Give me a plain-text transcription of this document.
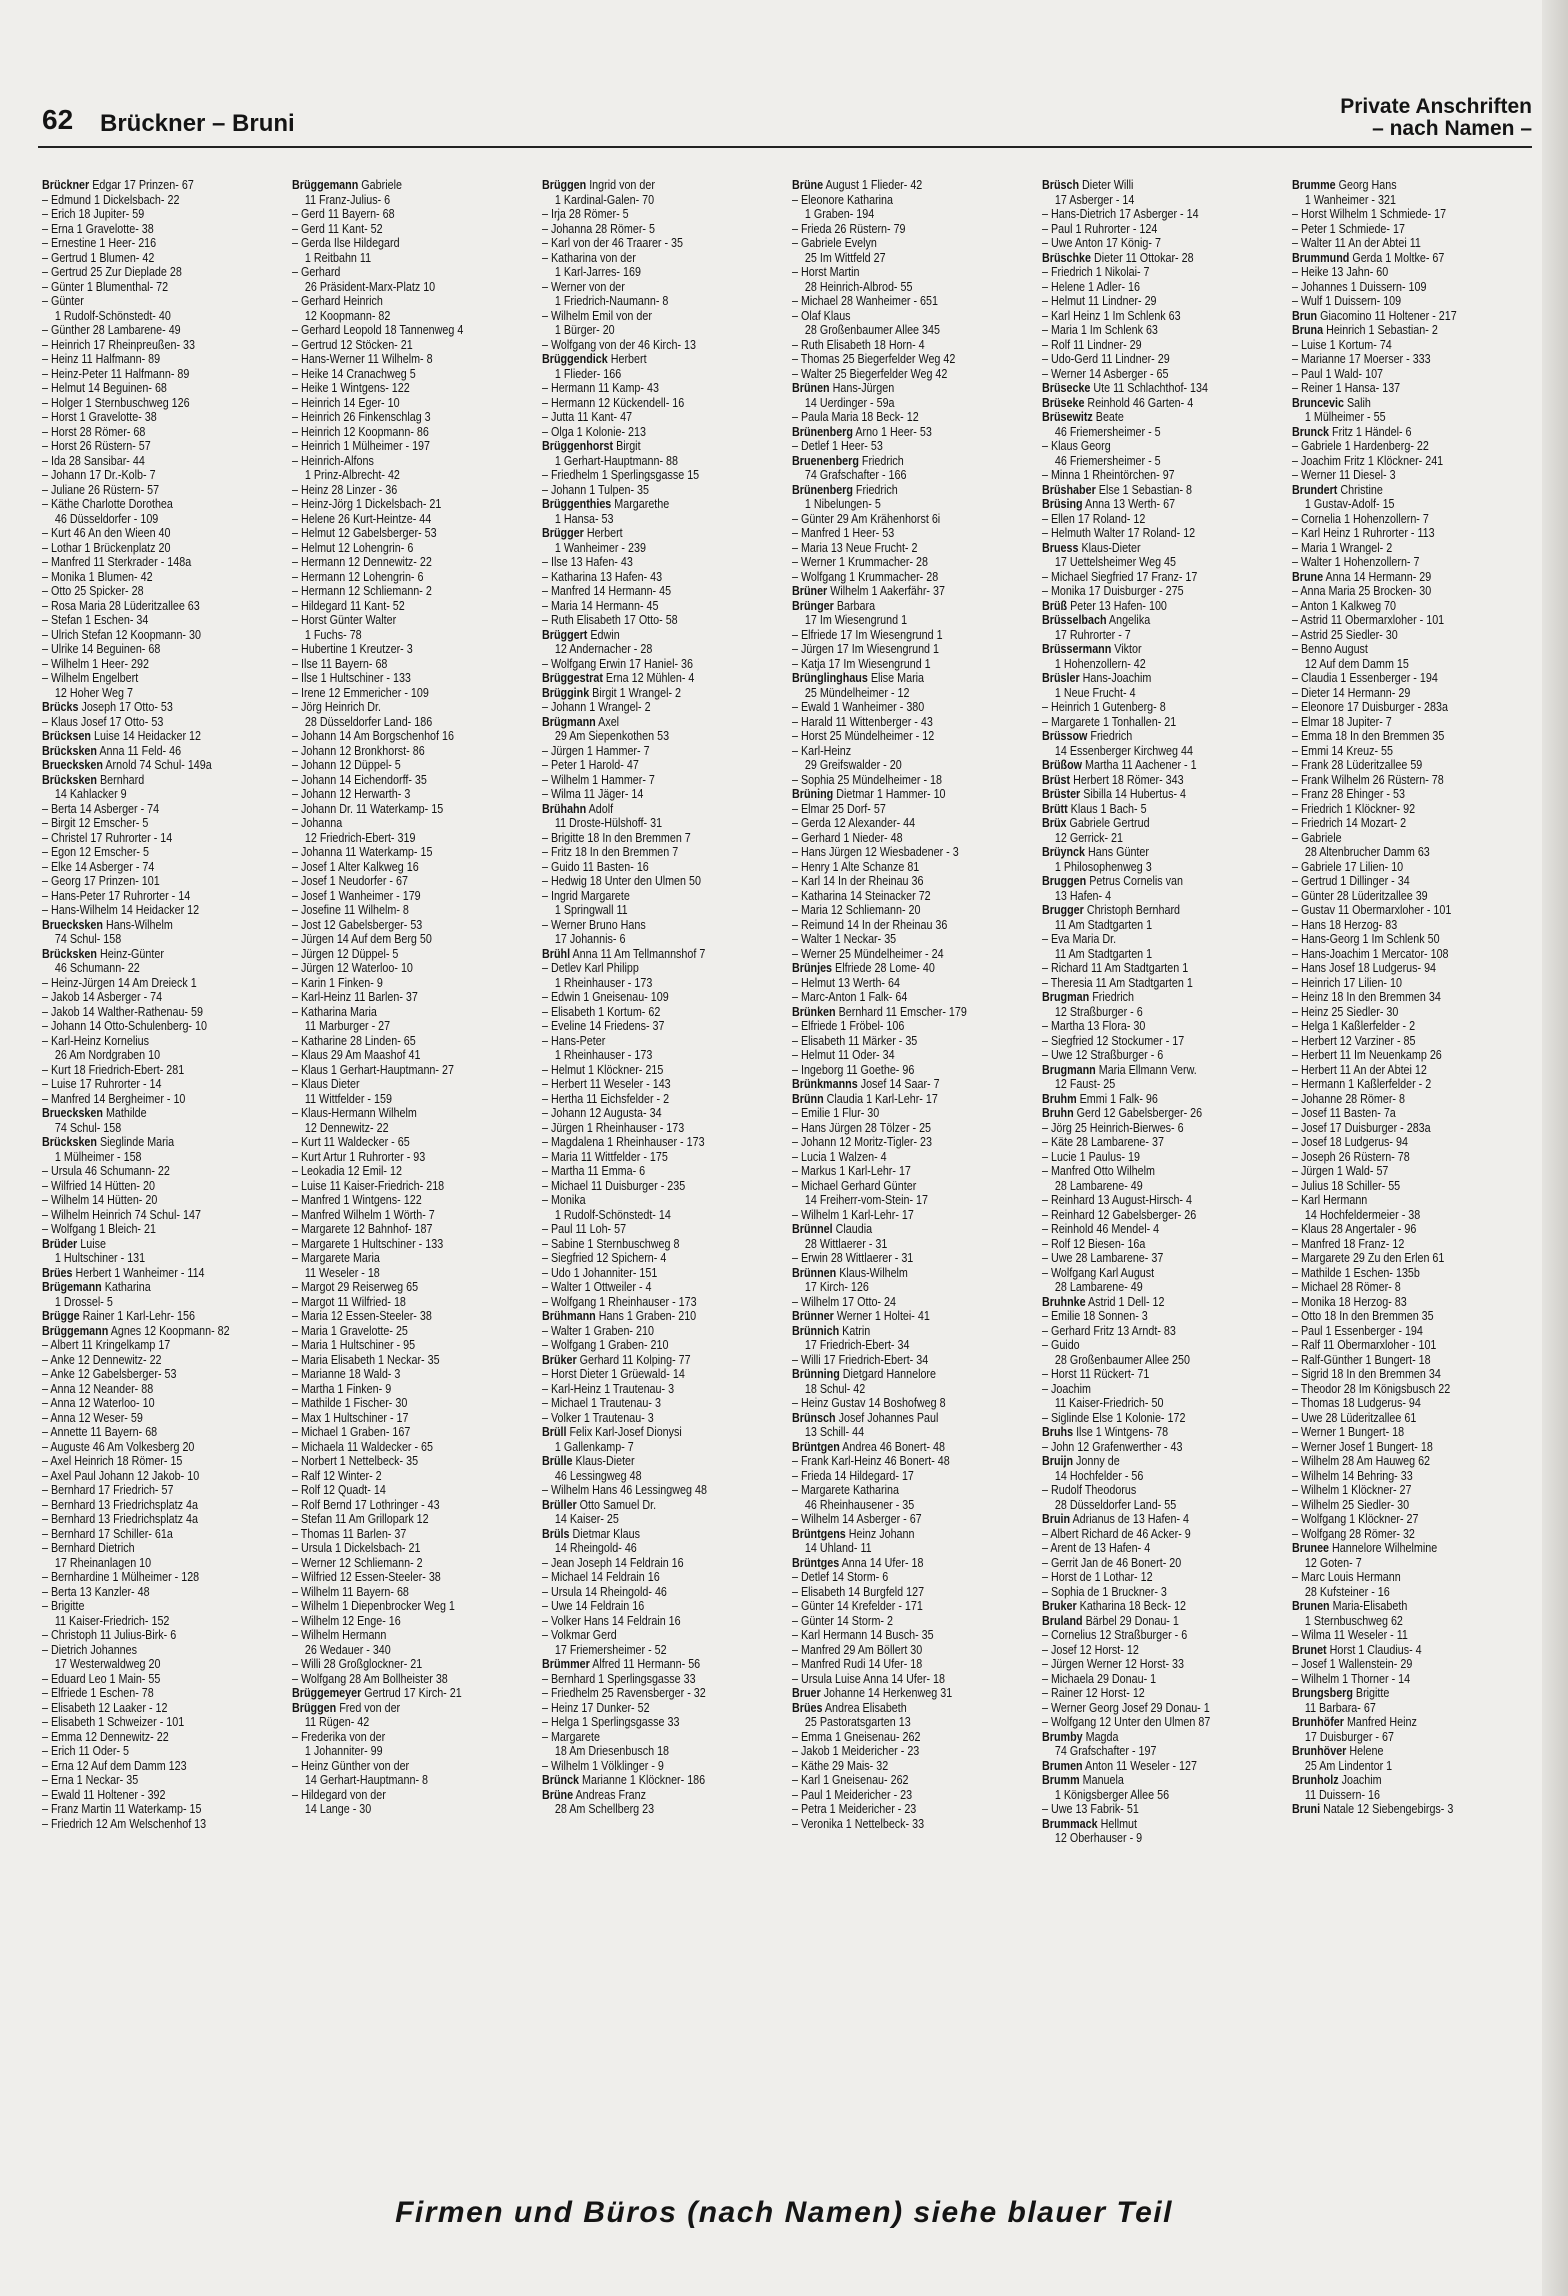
62 Brückner – Bruni
Private Anschriften
– nach Namen –
Brückner Edgar 17 Prinzen- 67
– Edmund 1 Dickelsbach- 22
– Erich 18 Jupiter- 59
– Erna 1 Gravelotte- 38
– Ernestine 1 Heer- 216
– Gertrud 1 Blumen- 42
– Gertrud 25 Zur Dieplade 28
– Günter 1 Blumenthal- 72
– Günter
1 Rudolf-Schönstedt- 40
– Günther 28 Lambarene- 49
– Heinrich 17 Rheinpreußen- 33
– Heinz 11 Halfmann- 89
– Heinz-Peter 11 Halfmann- 89
– Helmut 14 Beguinen- 68
– Holger 1 Sternbuschweg 126
– Horst 1 Gravelotte- 38
– Horst 28 Römer- 68
– Horst 26 Rüstern- 57
– Ida 28 Sansibar- 44
– Johann 17 Dr.-Kolb- 7
– Juliane 26 Rüstern- 57
– Käthe Charlotte Dorothea
46 Düsseldorfer - 109
– Kurt 46 An den Wieen 40
– Lothar 1 Brückenplatz 20
– Manfred 11 Sterkrader - 148a
– Monika 1 Blumen- 42
– Otto 25 Spicker- 28
– Rosa Maria 28 Lüderitzallee 63
– Stefan 1 Eschen- 34
– Ulrich Stefan 12 Koopmann- 30
– Ulrike 14 Beguinen- 68
– Wilhelm 1 Heer- 292
– Wilhelm Engelbert
12 Hoher Weg 7
Brücks Joseph 17 Otto- 53
– Klaus Josef 17 Otto- 53
Brücksen Luise 14 Heidacker 12
Brücksken Anna 11 Feld- 46
Bruecksken Arnold 74 Schul- 149a
Brücksken Bernhard
14 Kahlacker 9
– Berta 14 Asberger - 74
– Birgit 12 Emscher- 5
– Christel 17 Ruhrorter - 14
– Egon 12 Emscher- 5
– Elke 14 Asberger - 74
– Georg 17 Prinzen- 101
– Hans-Peter 17 Ruhrorter - 14
– Hans-Wilhelm 14 Heidacker 12
Bruecksken Hans-Wilhelm
74 Schul- 158
Brücksken Heinz-Günter
46 Schumann- 22
– Heinz-Jürgen 14 Am Dreieck 1
– Jakob 14 Asberger - 74
– Jakob 14 Walther-Rathenau- 59
– Johann 14 Otto-Schulenberg- 10
– Karl-Heinz Kornelius
26 Am Nordgraben 10
– Kurt 18 Friedrich-Ebert- 281
– Luise 17 Ruhrorter - 14
– Manfred 14 Bergheimer - 10
Bruecksken Mathilde
74 Schul- 158
Brücksken Sieglinde Maria
1 Mülheimer - 158
– Ursula 46 Schumann- 22
– Wilfried 14 Hütten- 20
– Wilhelm 14 Hütten- 20
– Wilhelm Heinrich 74 Schul- 147
– Wolfgang 1 Bleich- 21
Brüder Luise
1 Hultschiner - 131
Brües Herbert 1 Wanheimer - 114
Brügemann Katharina
1 Drossel- 5
Brügge Rainer 1 Karl-Lehr- 156
Brüggemann Agnes 12 Koopmann- 82
– Albert 11 Kringelkamp 17
– Anke 12 Dennewitz- 22
– Anke 12 Gabelsberger- 53
– Anna 12 Neander- 88
– Anna 12 Waterloo- 10
– Anna 12 Weser- 59
– Annette 11 Bayern- 68
– Auguste 46 Am Volkesberg 20
– Axel Heinrich 18 Römer- 15
– Axel Paul Johann 12 Jakob- 10
– Bernhard 17 Friedrich- 57
– Bernhard 13 Friedrichsplatz 4a
– Bernhard 13 Friedrichsplatz 4a
– Bernhard 17 Schiller- 61a
– Bernhard Dietrich
17 Rheinanlagen 10
– Bernhardine 1 Mülheimer - 128
– Berta 13 Kanzler- 48
– Brigitte
11 Kaiser-Friedrich- 152
– Christoph 11 Julius-Birk- 6
– Dietrich Johannes
17 Westerwaldweg 20
– Eduard Leo 1 Main- 55
– Elfriede 1 Eschen- 78
– Elisabeth 12 Laaker - 12
– Elisabeth 1 Schweizer - 101
– Emma 12 Dennewitz- 22
– Erich 11 Oder- 5
– Erna 12 Auf dem Damm 123
– Erna 1 Neckar- 35
– Ewald 11 Holtener - 392
– Franz Martin 11 Waterkamp- 15
– Friedrich 12 Am Welschenhof 13
Brüggemann Gabriele
11 Franz-Julius- 6
– Gerd 11 Bayern- 68
– Gerd 11 Kant- 52
– Gerda Ilse Hildegard
1 Reitbahn 11
– Gerhard
26 Präsident-Marx-Platz 10
– Gerhard Heinrich
12 Koopmann- 82
– Gerhard Leopold 18 Tannenweg 4
– Gertrud 12 Stöcken- 21
– Hans-Werner 11 Wilhelm- 8
– Heike 14 Cranachweg 5
– Heike 1 Wintgens- 122
– Heinrich 14 Eger- 10
– Heinrich 26 Finkenschlag 3
– Heinrich 12 Koopmann- 86
– Heinrich 1 Mülheimer - 197
– Heinrich-Alfons
1 Prinz-Albrecht- 42
– Heinz 28 Linzer - 36
– Heinz-Jörg 1 Dickelsbach- 21
– Helene 26 Kurt-Heintze- 44
– Helmut 12 Gabelsberger- 53
– Helmut 12 Lohengrin- 6
– Hermann 12 Dennewitz- 22
– Hermann 12 Lohengrin- 6
– Hermann 12 Schliemann- 2
– Hildegard 11 Kant- 52
– Horst Günter Walter
1 Fuchs- 78
– Hubertine 1 Kreutzer- 3
– Ilse 11 Bayern- 68
– Ilse 1 Hultschiner - 133
– Irene 12 Emmericher - 109
– Jörg Heinrich Dr.
28 Düsseldorfer Land- 186
– Johann 14 Am Borgschenhof 16
– Johann 12 Bronkhorst- 86
– Johann 12 Düppel- 5
– Johann 14 Eichendorff- 35
– Johann 12 Herwarth- 3
– Johann Dr. 11 Waterkamp- 15
– Johanna
12 Friedrich-Ebert- 319
– Johanna 11 Waterkamp- 15
– Josef 1 Alter Kalkweg 16
– Josef 1 Neudorfer - 67
– Josef 1 Wanheimer - 179
– Josefine 11 Wilhelm- 8
– Jost 12 Gabelsberger- 53
– Jürgen 14 Auf dem Berg 50
– Jürgen 12 Düppel- 5
– Jürgen 12 Waterloo- 10
– Karin 1 Finken- 9
– Karl-Heinz 11 Barlen- 37
– Katharina Maria
11 Marburger - 27
– Katharine 28 Linden- 65
– Klaus 29 Am Maashof 41
– Klaus 1 Gerhart-Hauptmann- 27
– Klaus Dieter
11 Wittfelder - 159
– Klaus-Hermann Wilhelm
12 Dennewitz- 22
– Kurt 11 Waldecker - 65
– Kurt Artur 1 Ruhrorter - 93
– Leokadia 12 Emil- 12
– Luise 11 Kaiser-Friedrich- 218
– Manfred 1 Wintgens- 122
– Manfred Wilhelm 1 Wörth- 7
– Margarete 12 Bahnhof- 187
– Margarete 1 Hultschiner - 133
– Margarete Maria
11 Weseler - 18
– Margot 29 Reiserweg 65
– Margot 11 Wilfried- 18
– Maria 12 Essen-Steeler- 38
– Maria 1 Gravelotte- 25
– Maria 1 Hultschiner - 95
– Maria Elisabeth 1 Neckar- 35
– Marianne 18 Wald- 3
– Martha 1 Finken- 9
– Mathilde 1 Fischer- 30
– Max 1 Hultschiner - 17
– Michael 1 Graben- 167
– Michaela 11 Waldecker - 65
– Norbert 1 Nettelbeck- 35
– Ralf 12 Winter- 2
– Rolf 12 Quadt- 14
– Rolf Bernd 17 Lothringer - 43
– Stefan 11 Am Grillopark 12
– Thomas 11 Barlen- 37
– Ursula 1 Dickelsbach- 21
– Werner 12 Schliemann- 2
– Wilfried 12 Essen-Steeler- 38
– Wilhelm 11 Bayern- 68
– Wilhelm 1 Diepenbrocker Weg 1
– Wilhelm 12 Enge- 16
– Wilhelm Hermann
26 Wedauer - 340
– Willi 28 Großglockner- 21
– Wolfgang 28 Am Bollheister 38
Brüggemeyer Gertrud 17 Kirch- 21
Brüggen Fred von der
11 Rügen- 42
– Frederika von der
1 Johanniter- 99
– Heinz Günther von der
14 Gerhart-Hauptmann- 8
– Hildegard von der
14 Lange - 30
Brüggen Ingrid von der
1 Kardinal-Galen- 70
– Irja 28 Römer- 5
– Johanna 28 Römer- 5
– Karl von der 46 Traarer - 35
– Katharina von der
1 Karl-Jarres- 169
– Werner von der
1 Friedrich-Naumann- 8
– Wilhelm Emil von der
1 Bürger- 20
– Wolfgang von der 46 Kirch- 13
Brüggendick Herbert
1 Flieder- 166
– Hermann 11 Kamp- 43
– Hermann 12 Kückendell- 16
– Jutta 11 Kant- 47
– Olga 1 Kolonie- 213
Brüggenhorst Birgit
1 Gerhart-Hauptmann- 88
– Friedhelm 1 Sperlingsgasse 15
– Johann 1 Tulpen- 35
Brüggenthies Margarethe
1 Hansa- 53
Brügger Herbert
1 Wanheimer - 239
– Ilse 13 Hafen- 43
– Katharina 13 Hafen- 43
– Manfred 14 Hermann- 45
– Maria 14 Hermann- 45
– Ruth Elisabeth 17 Otto- 58
Brüggert Edwin
12 Andernacher - 28
– Wolfgang Erwin 17 Haniel- 36
Brüggestrat Erna 12 Mühlen- 4
Brüggink Birgit 1 Wrangel- 2
– Johann 1 Wrangel- 2
Brügmann Axel
29 Am Siepenkothen 53
– Jürgen 1 Hammer- 7
– Peter 1 Harold- 47
– Wilhelm 1 Hammer- 7
– Wilma 11 Jäger- 14
Brühahn Adolf
11 Droste-Hülshoff- 31
– Brigitte 18 In den Bremmen 7
– Fritz 18 In den Bremmen 7
– Guido 11 Basten- 16
– Hedwig 18 Unter den Ulmen 50
– Ingrid Margarete
1 Springwall 11
– Werner Bruno Hans
17 Johannis- 6
Brühl Anna 11 Am Tellmannshof 7
– Detlev Karl Philipp
1 Rheinhauser - 173
– Edwin 1 Gneisenau- 109
– Elisabeth 1 Kortum- 62
– Eveline 14 Friedens- 37
– Hans-Peter
1 Rheinhauser - 173
– Helmut 1 Klöckner- 215
– Herbert 11 Weseler - 143
– Hertha 11 Eichsfelder - 2
– Johann 12 Augusta- 34
– Jürgen 1 Rheinhauser - 173
– Magdalena 1 Rheinhauser - 173
– Maria 11 Wittfelder - 175
– Martha 11 Emma- 6
– Michael 11 Duisburger - 235
– Monika
1 Rudolf-Schönstedt- 14
– Paul 11 Loh- 57
– Sabine 1 Sternbuschweg 8
– Siegfried 12 Spichern- 4
– Udo 1 Johanniter- 151
– Walter 1 Ottweiler - 4
– Wolfgang 1 Rheinhauser - 173
Brühmann Hans 1 Graben- 210
– Walter 1 Graben- 210
– Wolfgang 1 Graben- 210
Brüker Gerhard 11 Kolping- 77
– Horst Dieter 1 Grüewald- 14
– Karl-Heinz 1 Trautenau- 3
– Michael 1 Trautenau- 3
– Volker 1 Trautenau- 3
Brüll Felix Karl-Josef Dionysi
1 Gallenkamp- 7
Brülle Klaus-Dieter
46 Lessingweg 48
– Wilhelm Hans 46 Lessingweg 48
Brüller Otto Samuel Dr.
14 Kaiser- 25
Brüls Dietmar Klaus
14 Rheingold- 46
– Jean Joseph 14 Feldrain 16
– Michael 14 Feldrain 16
– Ursula 14 Rheingold- 46
– Uwe 14 Feldrain 16
– Volker Hans 14 Feldrain 16
– Volkmar Gerd
17 Friemersheimer - 52
Brümmer Alfred 11 Hermann- 56
– Bernhard 1 Sperlingsgasse 33
– Friedhelm 25 Ravensberger - 32
– Heinz 17 Dunker- 52
– Helga 1 Sperlingsgasse 33
– Margarete
18 Am Driesenbusch 18
– Wilhelm 1 Völklinger - 9
Brünck Marianne 1 Klöckner- 186
Brüne Andreas Franz
28 Am Schellberg 23
Brüne August 1 Flieder- 42
– Eleonore Katharina
1 Graben- 194
– Frieda 26 Rüstern- 79
– Gabriele Evelyn
25 Im Wittfeld 27
– Horst Martin
28 Heinrich-Albrod- 55
– Michael 28 Wanheimer - 651
– Olaf Klaus
28 Großenbaumer Allee 345
– Ruth Elisabeth 18 Horn- 4
– Thomas 25 Biegerfelder Weg 42
– Walter 25 Biegerfelder Weg 42
Brünen Hans-Jürgen
14 Uerdinger - 59a
– Paula Maria 18 Beck- 12
Brünenberg Arno 1 Heer- 53
– Detlef 1 Heer- 53
Bruenenberg Friedrich
74 Grafschafter - 166
Brünenberg Friedrich
1 Nibelungen- 5
– Günter 29 Am Krähenhorst 6i
– Manfred 1 Heer- 53
– Maria 13 Neue Frucht- 2
– Werner 1 Krummacher- 28
– Wolfgang 1 Krummacher- 28
Brüner Wilhelm 1 Aakerfähr- 37
Brünger Barbara
17 Im Wiesengrund 1
– Elfriede 17 Im Wiesengrund 1
– Jürgen 17 Im Wiesengrund 1
– Katja 17 Im Wiesengrund 1
Brünglinghaus Elise Maria
25 Mündelheimer - 12
– Ewald 1 Wanheimer - 380
– Harald 11 Wittenberger - 43
– Horst 25 Mündelheimer - 12
– Karl-Heinz
29 Greifswalder - 20
– Sophia 25 Mündelheimer - 18
Brüning Dietmar 1 Hammer- 10
– Elmar 25 Dorf- 57
– Gerda 12 Alexander- 44
– Gerhard 1 Nieder- 48
– Hans Jürgen 12 Wiesbadener - 3
– Henry 1 Alte Schanze 81
– Karl 14 In der Rheinau 36
– Katharina 14 Steinacker 72
– Maria 12 Schliemann- 20
– Reimund 14 In der Rheinau 36
– Walter 1 Neckar- 35
– Werner 25 Mündelheimer - 24
Brünjes Elfriede 28 Lome- 40
– Helmut 13 Werth- 64
– Marc-Anton 1 Falk- 64
Brünken Bernhard 11 Emscher- 179
– Elfriede 1 Fröbel- 106
– Elisabeth 11 Märker - 35
– Helmut 11 Oder- 34
– Ingeborg 11 Goethe- 96
Brünkmanns Josef 14 Saar- 7
Brünn Claudia 1 Karl-Lehr- 17
– Emilie 1 Flur- 30
– Hans Jürgen 28 Tölzer - 25
– Johann 12 Moritz-Tigler- 23
– Lucia 1 Walzen- 4
– Markus 1 Karl-Lehr- 17
– Michael Gerhard Günter
14 Freiherr-vom-Stein- 17
– Wilhelm 1 Karl-Lehr- 17
Brünnel Claudia
28 Wittlaerer - 31
– Erwin 28 Wittlaerer - 31
Brünnen Klaus-Wilhelm
17 Kirch- 126
– Wilhelm 17 Otto- 24
Brünner Werner 1 Holtei- 41
Brünnich Katrin
17 Friedrich-Ebert- 34
– Willi 17 Friedrich-Ebert- 34
Brünning Dietgard Hannelore
18 Schul- 42
– Heinz Gustav 14 Boshofweg 8
Brünsch Josef Johannes Paul
13 Schill- 44
Brüntgen Andrea 46 Bonert- 48
– Frank Karl-Heinz 46 Bonert- 48
– Frieda 14 Hildegard- 17
– Margarete Katharina
46 Rheinhausener - 35
– Wilhelm 14 Asberger - 67
Brüntgens Heinz Johann
14 Uhland- 11
Brüntges Anna 14 Ufer- 18
– Detlef 14 Storm- 6
– Elisabeth 14 Burgfeld 127
– Günter 14 Krefelder - 171
– Günter 14 Storm- 2
– Karl Hermann 14 Busch- 35
– Manfred 29 Am Böllert 30
– Manfred Rudi 14 Ufer- 18
– Ursula Luise Anna 14 Ufer- 18
Bruer Johanne 14 Herkenweg 31
Brües Andrea Elisabeth
25 Pastoratsgarten 13
– Emma 1 Gneisenau- 262
– Jakob 1 Meidericher - 23
– Käthe 29 Mais- 32
– Karl 1 Gneisenau- 262
– Paul 1 Meidericher - 23
– Petra 1 Meidericher - 23
– Veronika 1 Nettelbeck- 33
Brüsch Dieter Willi
17 Asberger - 14
– Hans-Dietrich 17 Asberger - 14
– Paul 1 Ruhrorter - 124
– Uwe Anton 17 König- 7
Brüschke Dieter 11 Ottokar- 28
– Friedrich 1 Nikolai- 7
– Helene 1 Adler- 16
– Helmut 11 Lindner- 29
– Karl Heinz 1 Im Schlenk 63
– Maria 1 Im Schlenk 63
– Rolf 11 Lindner- 29
– Udo-Gerd 11 Lindner- 29
– Werner 14 Asberger - 65
Brüsecke Ute 11 Schlachthof- 134
Brüseke Reinhold 46 Garten- 4
Brüsewitz Beate
46 Friemersheimer - 5
– Klaus Georg
46 Friemersheimer - 5
– Minna 1 Rheintörchen- 97
Brüshaber Else 1 Sebastian- 8
Brüsing Anna 13 Werth- 67
– Ellen 17 Roland- 12
– Helmuth Walter 17 Roland- 12
Bruess Klaus-Dieter
17 Uettelsheimer Weg 45
– Michael Siegfried 17 Franz- 17
– Monika 17 Duisburger - 275
Brüß Peter 13 Hafen- 100
Brüsselbach Angelika
17 Ruhrorter - 7
Brüssermann Viktor
1 Hohenzollern- 42
Brüsler Hans-Joachim
1 Neue Frucht- 4
– Heinrich 1 Gutenberg- 8
– Margarete 1 Tonhallen- 21
Brüssow Friedrich
14 Essenberger Kirchweg 44
Brüßow Martha 11 Aachener - 1
Brüst Herbert 18 Römer- 343
Brüster Sibilla 14 Hubertus- 4
Brütt Klaus 1 Bach- 5
Brüx Gabriele Gertrud
12 Gerrick- 21
Brüynck Hans Günter
1 Philosophenweg 3
Bruggen Petrus Cornelis van
13 Hafen- 4
Brugger Christoph Bernhard
11 Am Stadtgarten 1
– Eva Maria Dr.
11 Am Stadtgarten 1
– Richard 11 Am Stadtgarten 1
– Theresia 11 Am Stadtgarten 1
Brugman Friedrich
12 Straßburger - 6
– Martha 13 Flora- 30
– Siegfried 12 Stockumer - 17
– Uwe 12 Straßburger - 6
Brugmann Maria Ellmann Verw.
12 Faust- 25
Bruhm Emmi 1 Falk- 96
Bruhn Gerd 12 Gabelsberger- 26
– Jörg 25 Heinrich-Bierwes- 6
– Käte 28 Lambarene- 37
– Lucie 1 Paulus- 19
– Manfred Otto Wilhelm
28 Lambarene- 49
– Reinhard 13 August-Hirsch- 4
– Reinhard 12 Gabelsberger- 26
– Reinhold 46 Mendel- 4
– Rolf 12 Biesen- 16a
– Uwe 28 Lambarene- 37
– Wolfgang Karl August
28 Lambarene- 49
Bruhnke Astrid 1 Dell- 12
– Emilie 18 Sonnen- 3
– Gerhard Fritz 13 Arndt- 83
– Guido
28 Großenbaumer Allee 250
– Horst 11 Rückert- 71
– Joachim
11 Kaiser-Friedrich- 50
– Siglinde Else 1 Kolonie- 172
Bruhs Ilse 1 Wintgens- 78
– John 12 Grafenwerther - 43
Bruijn Jonny de
14 Hochfelder - 56
– Rudolf Theodorus
28 Düsseldorfer Land- 55
Bruin Adrianus de 13 Hafen- 4
– Albert Richard de 46 Acker- 9
– Arent de 13 Hafen- 4
– Gerrit Jan de 46 Bonert- 20
– Horst de 1 Lothar- 12
– Sophia de 1 Bruckner- 3
Bruker Katharina 18 Beck- 12
Bruland Bärbel 29 Donau- 1
– Cornelius 12 Straßburger - 6
– Josef 12 Horst- 12
– Jürgen Werner 12 Horst- 33
– Michaela 29 Donau- 1
– Rainer 12 Horst- 12
– Werner Georg Josef 29 Donau- 1
– Wolfgang 12 Unter den Ulmen 87
Brumby Magda
74 Grafschafter - 197
Brumen Anton 11 Weseler - 127
Brumm Manuela
1 Königsberger Allee 56
– Uwe 13 Fabrik- 51
Brummack Hellmut
12 Oberhauser - 9
Brumme Georg Hans
1 Wanheimer - 321
– Horst Wilhelm 1 Schmiede- 17
– Peter 1 Schmiede- 17
– Walter 11 An der Abtei 11
Brummund Gerda 1 Moltke- 67
– Heike 13 Jahn- 60
– Johannes 1 Duissern- 109
– Wulf 1 Duissern- 109
Brun Giacomino 11 Holtener - 217
Bruna Heinrich 1 Sebastian- 2
– Luise 1 Kortum- 74
– Marianne 17 Moerser - 333
– Paul 1 Wald- 107
– Reiner 1 Hansa- 137
Bruncevic Salih
1 Mülheimer - 55
Brunck Fritz 1 Händel- 6
– Gabriele 1 Hardenberg- 22
– Joachim Fritz 1 Klöckner- 241
– Werner 11 Diesel- 3
Brundert Christine
1 Gustav-Adolf- 15
– Cornelia 1 Hohenzollern- 7
– Karl Heinz 1 Ruhrorter - 113
– Maria 1 Wrangel- 2
– Walter 1 Hohenzollern- 7
Brune Anna 14 Hermann- 29
– Anna Maria 25 Brocken- 30
– Anton 1 Kalkweg 70
– Astrid 11 Obermarxloher - 101
– Astrid 25 Siedler- 30
– Benno August
12 Auf dem Damm 15
– Claudia 1 Essenberger - 194
– Dieter 14 Hermann- 29
– Eleonore 17 Duisburger - 283a
– Elmar 18 Jupiter- 7
– Emma 18 In den Bremmen 35
– Emmi 14 Kreuz- 55
– Frank 28 Lüderitzallee 59
– Frank Wilhelm 26 Rüstern- 78
– Franz 28 Ehinger - 53
– Friedrich 1 Klöckner- 92
– Friedrich 14 Mozart- 2
– Gabriele
28 Altenbrucher Damm 63
– Gabriele 17 Lilien- 10
– Gertrud 1 Dillinger - 34
– Günter 28 Lüderitzallee 39
– Gustav 11 Obermarxloher - 101
– Hans 18 Herzog- 83
– Hans-Georg 1 Im Schlenk 50
– Hans-Joachim 1 Mercator- 108
– Hans Josef 18 Ludgerus- 94
– Heinrich 17 Lilien- 10
– Heinz 18 In den Bremmen 34
– Heinz 25 Siedler- 30
– Helga 1 Kaßlerfelder - 2
– Herbert 12 Varziner - 85
– Herbert 11 Im Neuenkamp 26
– Herbert 11 An der Abtei 12
– Hermann 1 Kaßlerfelder - 2
– Johanne 28 Römer- 8
– Josef 11 Basten- 7a
– Josef 17 Duisburger - 283a
– Josef 18 Ludgerus- 94
– Joseph 26 Rüstern- 78
– Jürgen 1 Wald- 57
– Julius 18 Schiller- 55
– Karl Hermann
14 Hochfeldermeier - 38
– Klaus 28 Angertaler - 96
– Manfred 18 Franz- 12
– Margarete 29 Zu den Erlen 61
– Mathilde 1 Eschen- 135b
– Michael 28 Römer- 8
– Monika 18 Herzog- 83
– Otto 18 In den Bremmen 35
– Paul 1 Essenberger - 194
– Ralf 11 Obermarxloher - 101
– Ralf-Günther 1 Bungert- 18
– Sigrid 18 In den Bremmen 34
– Theodor 28 Im Königsbusch 22
– Thomas 18 Ludgerus- 94
– Uwe 28 Lüderitzallee 61
– Werner 1 Bungert- 18
– Werner Josef 1 Bungert- 18
– Wilhelm 28 Am Hauweg 62
– Wilhelm 14 Behring- 33
– Wilhelm 1 Klöckner- 27
– Wilhelm 25 Siedler- 30
– Wolfgang 1 Klöckner- 27
– Wolfgang 28 Römer- 32
Brunee Hannelore Wilhelmine
12 Goten- 7
– Marc Louis Hermann
28 Kufsteiner - 16
Brunen Maria-Elisabeth
1 Sternbuschweg 62
– Wilma 11 Weseler - 11
Brunet Horst 1 Claudius- 4
– Josef 1 Wallenstein- 29
– Wilhelm 1 Thorner - 14
Brungsberg Brigitte
11 Barbara- 67
Brunhöfer Manfred Heinz
17 Duisburger - 67
Brunhöver Helene
25 Am Lindentor 1
Brunholz Joachim
11 Duissern- 16
Bruni Natale 12 Siebengebirgs- 3
Firmen und Büros (nach Namen) siehe blauer Teil
